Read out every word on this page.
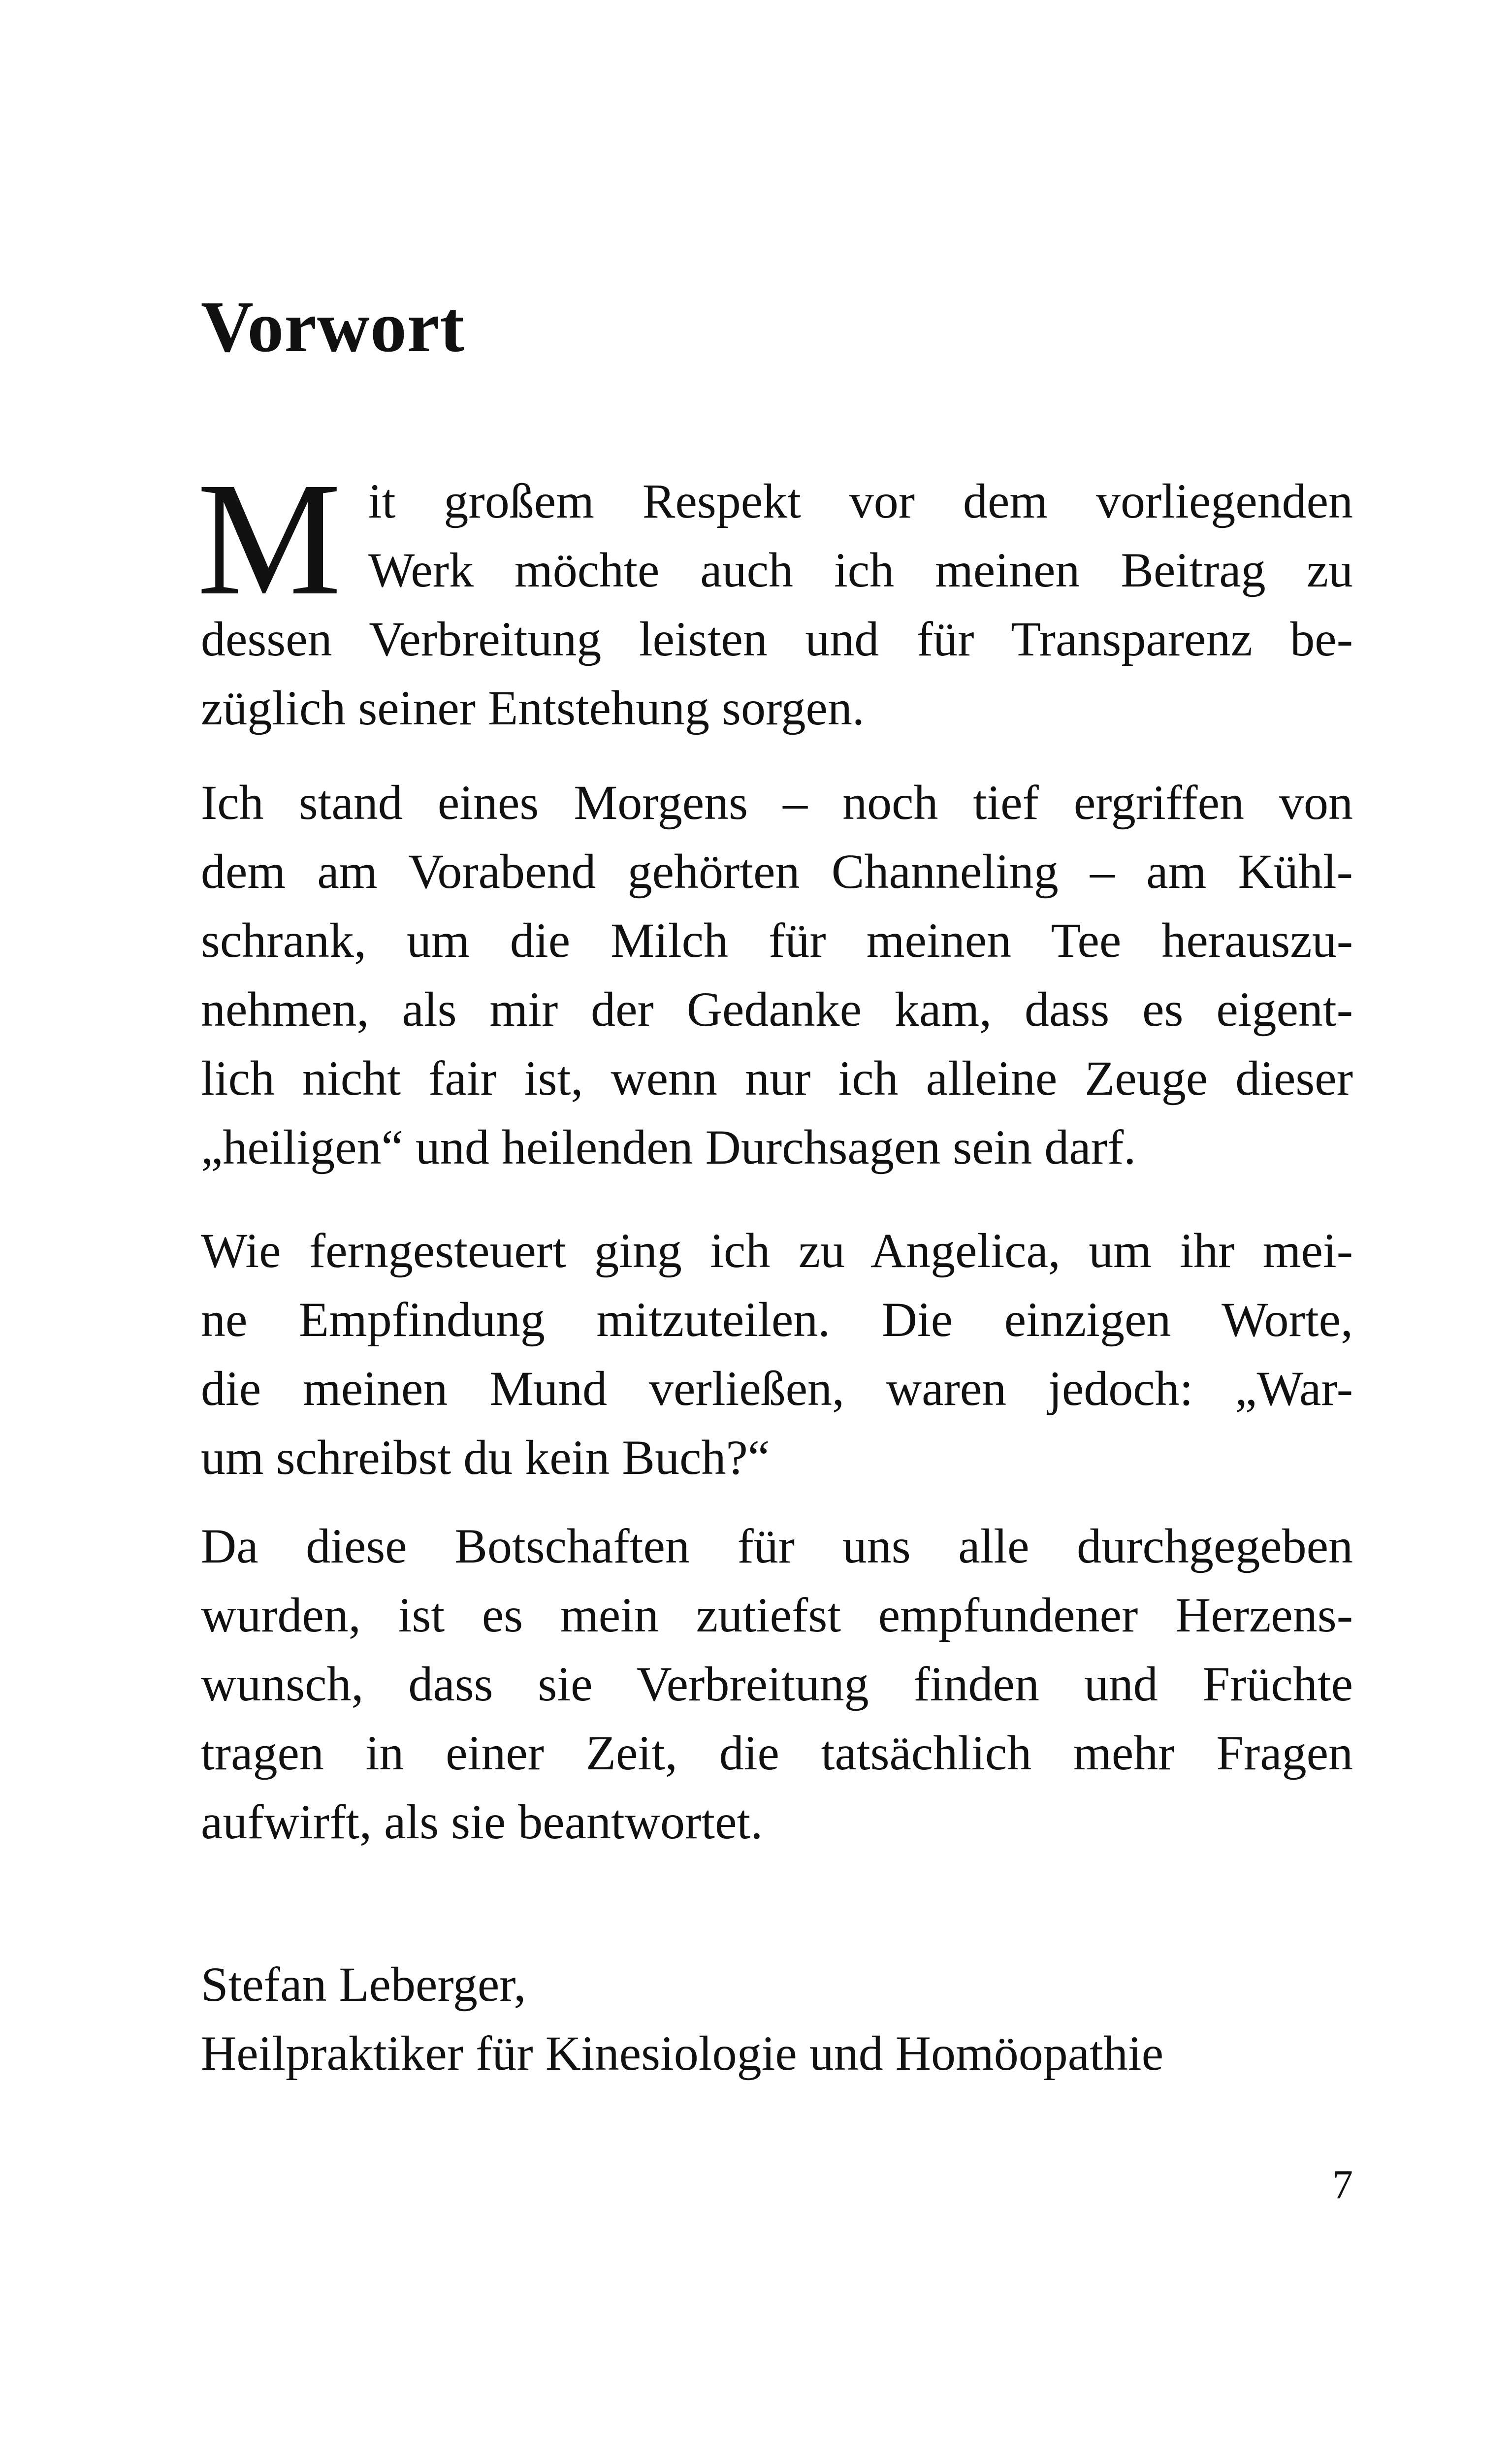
Vorwort
M it großem Respekt vor dem vorliegenden
Werk möchte auch ich meinen Beitrag zu
dessen Verbreitung leisten und für Transparenz be-
züglich seiner Entstehung sorgen.
Ich stand eines Morgens – noch tief ergriffen von
dem am Vorabend gehörten Channeling – am Kühl-
schrank, um die Milch für meinen Tee herauszu-
nehmen, als mir der Gedanke kam, dass es eigent-
lich nicht fair ist, wenn nur ich alleine Zeuge dieser
„heiligen“ und heilenden Durchsagen sein darf.
Wie ferngesteuert ging ich zu Angelica, um ihr mei-
ne Empfindung mitzuteilen. Die einzigen Worte,
die meinen Mund verließen, waren jedoch: „War-
um schreibst du kein Buch?“
Da diese Botschaften für uns alle durchgegeben
wurden, ist es mein zutiefst empfundener Herzens-
wunsch, dass sie Verbreitung finden und Früchte
tragen in einer Zeit, die tatsächlich mehr Fragen
aufwirft, als sie beantwortet.
Stefan Leberger,
Heilpraktiker für Kinesiologie und Homöopathie
7
